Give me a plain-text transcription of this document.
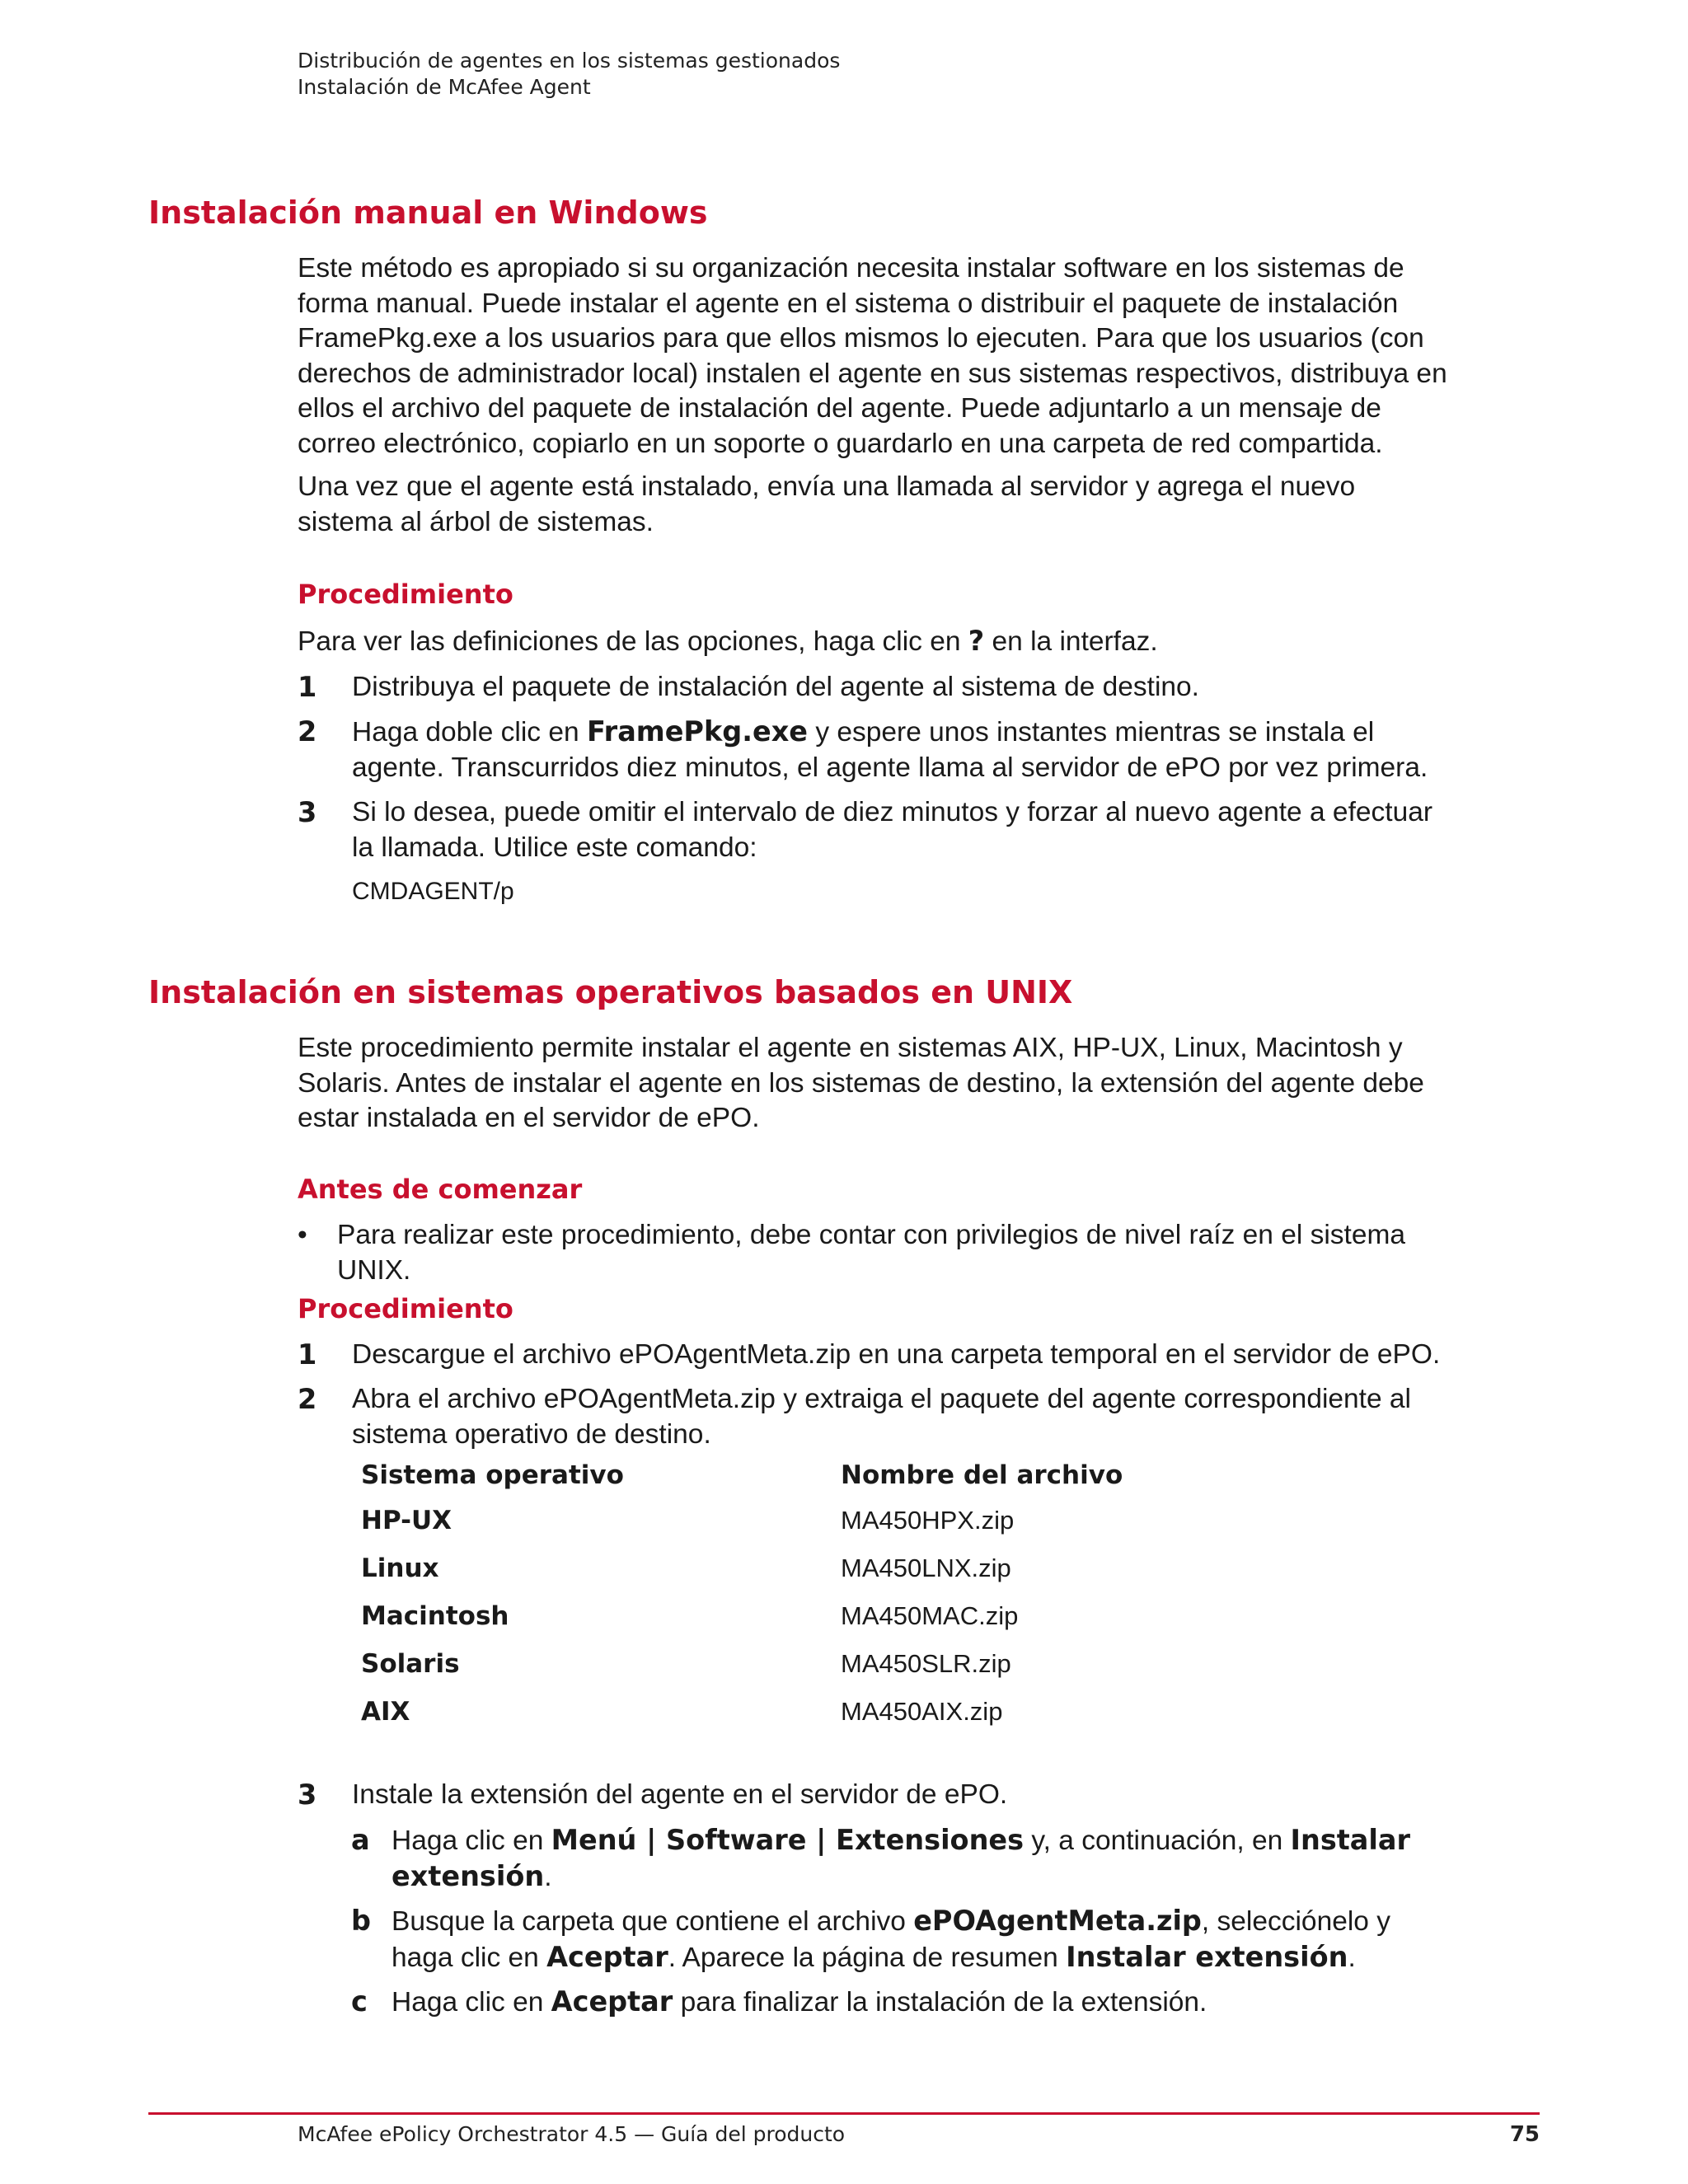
Distribución de agentes en los sistemas gestionados
Instalación de McAfee Agent
Instalación manual en Windows

Este método es apropiado si su organización necesita instalar software en los sistemas de forma manual. Puede instalar el agente en el sistema o distribuir el paquete de instalación FramePkg.exe a los usuarios para que ellos mismos lo ejecuten. Para que los usuarios (con derechos de administrador local) instalen el agente en sus sistemas respectivos, distribuya en ellos el archivo del paquete de instalación del agente. Puede adjuntarlo a un mensaje de correo electrónico, copiarlo en un soporte o guardarlo en una carpeta de red compartida.

Una vez que el agente está instalado, envía una llamada al servidor y agrega el nuevo sistema al árbol de sistemas.

Procedimiento

Para ver las definiciones de las opciones, haga clic en ? en la interfaz.

1 Distribuya el paquete de instalación del agente al sistema de destino.
2 Haga doble clic en FramePkg.exe y espere unos instantes mientras se instala el agente. Transcurridos diez minutos, el agente llama al servidor de ePO por vez primera.
3 Si lo desea, puede omitir el intervalo de diez minutos y forzar al nuevo agente a efectuar la llamada. Utilice este comando:
CMDAGENT/p
Instalación en sistemas operativos basados en UNIX

Este procedimiento permite instalar el agente en sistemas AIX, HP-UX, Linux, Macintosh y Solaris. Antes de instalar el agente en los sistemas de destino, la extensión del agente debe estar instalada en el servidor de ePO.

Antes de comenzar
• Para realizar este procedimiento, debe contar con privilegios de nivel raíz en el sistema UNIX.
Procedimiento
1 Descargue el archivo ePOAgentMeta.zip en una carpeta temporal en el servidor de ePO.
2 Abra el archivo ePOAgentMeta.zip y extraiga el paquete del agente correspondiente al sistema operativo de destino.
Sistema operativo	Nombre del archivo
HP-UX	MA450HPX.zip
Linux	MA450LNX.zip
Macintosh	MA450MAC.zip
Solaris	MA450SLR.zip
AIX	MA450AIX.zip
3 Instale la extensión del agente en el servidor de ePO.
a Haga clic en Menú | Software | Extensiones y, a continuación, en Instalar extensión.
b Busque la carpeta que contiene el archivo ePOAgentMeta.zip, selecciónelo y haga clic en Aceptar. Aparece la página de resumen Instalar extensión.
c Haga clic en Aceptar para finalizar la instalación de la extensión.
McAfee ePolicy Orchestrator 4.5 — Guía del producto	75
